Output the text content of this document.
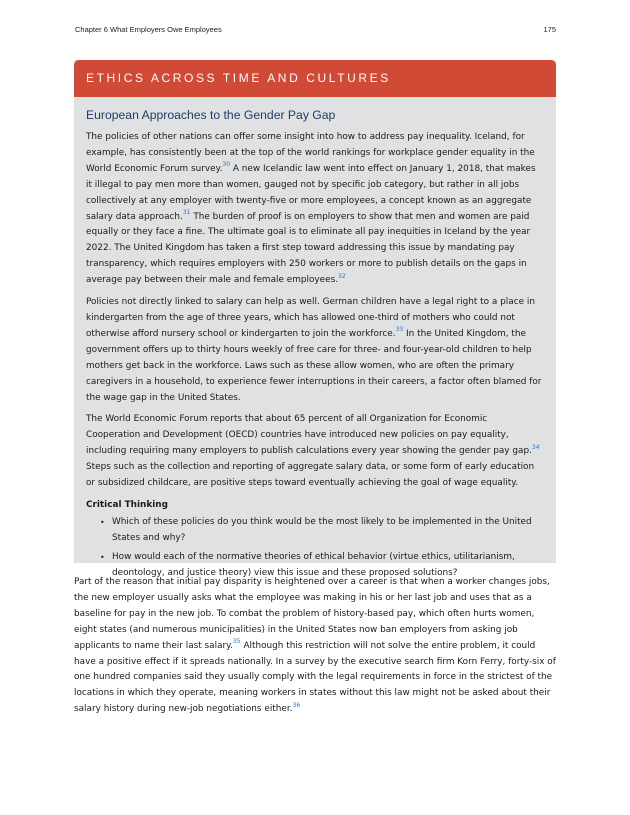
Chapter 6 What Employers Owe Employees	175
ETHICS ACROSS TIME AND CULTURES
European Approaches to the Gender Pay Gap

The policies of other nations can offer some insight into how to address pay inequality. Iceland, for example, has consistently been at the top of the world rankings for workplace gender equality in the World Economic Forum survey.$^{30}$ A new Icelandic law went into effect on January 1, 2018, that makes it illegal to pay men more than women, gauged not by specific job category, but rather in all jobs collectively at any employer with twenty-five or more employees, a concept known as an aggregate salary data approach.$^{31}$ The burden of proof is on employers to show that men and women are paid equally or they face a fine. The ultimate goal is to eliminate all pay inequities in Iceland by the year 2022. The United Kingdom has taken a first step toward addressing this issue by mandating pay transparency, which requires employers with 250 workers or more to publish details on the gaps in average pay between their male and female employees.$^{32}$

Policies not directly linked to salary can help as well. German children have a legal right to a place in kindergarten from the age of three years, which has allowed one-third of mothers who could not otherwise afford nursery school or kindergarten to join the workforce.$^{33}$ In the United Kingdom, the government offers up to thirty hours weekly of free care for three- and four-year-old children to help mothers get back in the workforce. Laws such as these allow women, who are often the primary caregivers in a household, to experience fewer interruptions in their careers, a factor often blamed for the wage gap in the United States.

The World Economic Forum reports that about 65 percent of all Organization for Economic Cooperation and Development (OECD) countries have introduced new policies on pay equality, including requiring many employers to publish calculations every year showing the gender pay gap.$^{34}$ Steps such as the collection and reporting of aggregate salary data, or some form of early education or subsidized childcare, are positive steps toward eventually achieving the goal of wage equality.

Critical Thinking
• Which of these policies do you think would be the most likely to be implemented in the United States and why?
• How would each of the normative theories of ethical behavior (virtue ethics, utilitarianism, deontology, and justice theory) view this issue and these proposed solutions?

Part of the reason that initial pay disparity is heightened over a career is that when a worker changes jobs, the new employer usually asks what the employee was making in his or her last job and uses that as a baseline for pay in the new job. To combat the problem of history-based pay, which often hurts women, eight states (and numerous municipalities) in the United States now ban employers from asking job applicants to name their last salary.$^{35}$ Although this restriction will not solve the entire problem, it could have a positive effect if it spreads nationally. In a survey by the executive search firm Korn Ferry, forty-six of one hundred companies said they usually comply with the legal requirements in force in the strictest of the locations in which they operate, meaning workers in states without this law might not be asked about their salary history during new-job negotiations either.$^{36}$
